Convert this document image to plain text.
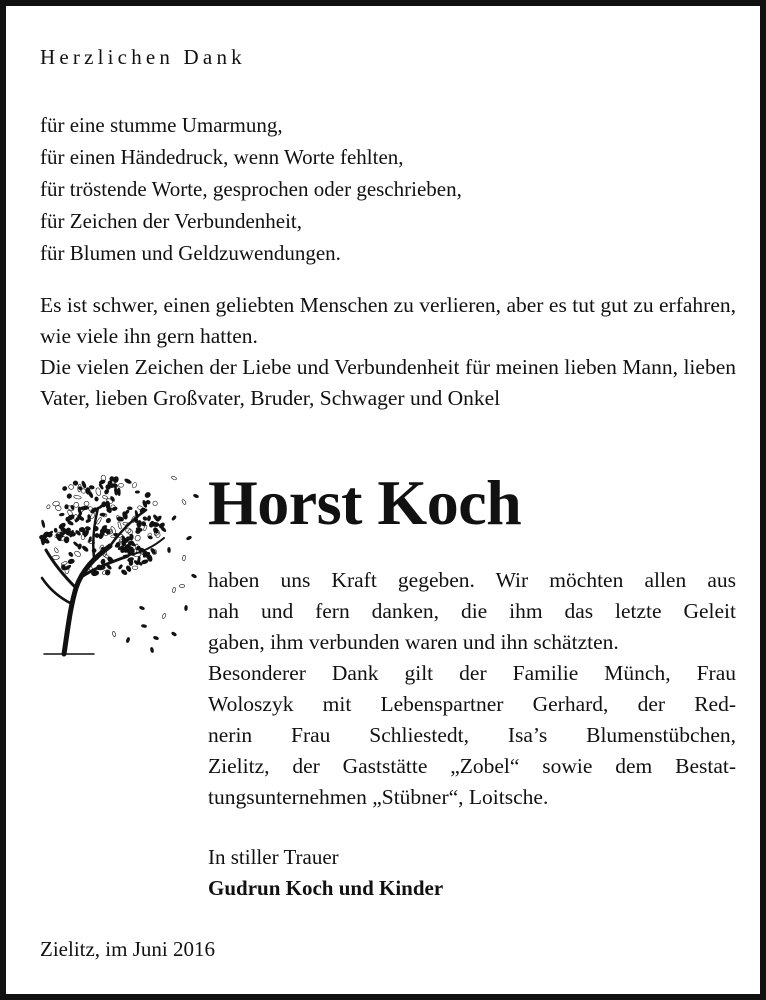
Herzlichen Dank
für eine stumme Umarmung,
für einen Händedruck, wenn Worte fehlten,
für tröstende Worte, gesprochen oder geschrieben,
für Zeichen der Verbundenheit,
für Blumen und Geldzuwendungen.

Es ist schwer, einen geliebten Menschen zu verlieren, aber es tut gut zu erfahren, wie viele ihn gern hatten.

Die vielen Zeichen der Liebe und Verbundenheit für meinen lieben Mann, lieben Vater, lieben Großvater, Bruder, Schwager und Onkel

Horst Koch

haben uns Kraft gegeben. Wir möchten allen aus
nah und fern danken, die ihm das letzte Geleit
gaben, ihm verbunden waren und ihn schätzten.

Besonderer Dank gilt der Familie Münch, Frau
Woloszyk mit Lebenspartner Gerhard, der Red-
nerin Frau Schliestedt, Isa’s Blumenstübchen,
Zielitz, der Gaststätte „Zobel“ sowie dem Bestat-
tungsunternehmen „Stübner“, Loitsche.

In stiller Trauer
Gudrun Koch und Kinder
Zielitz, im Juni 2016
